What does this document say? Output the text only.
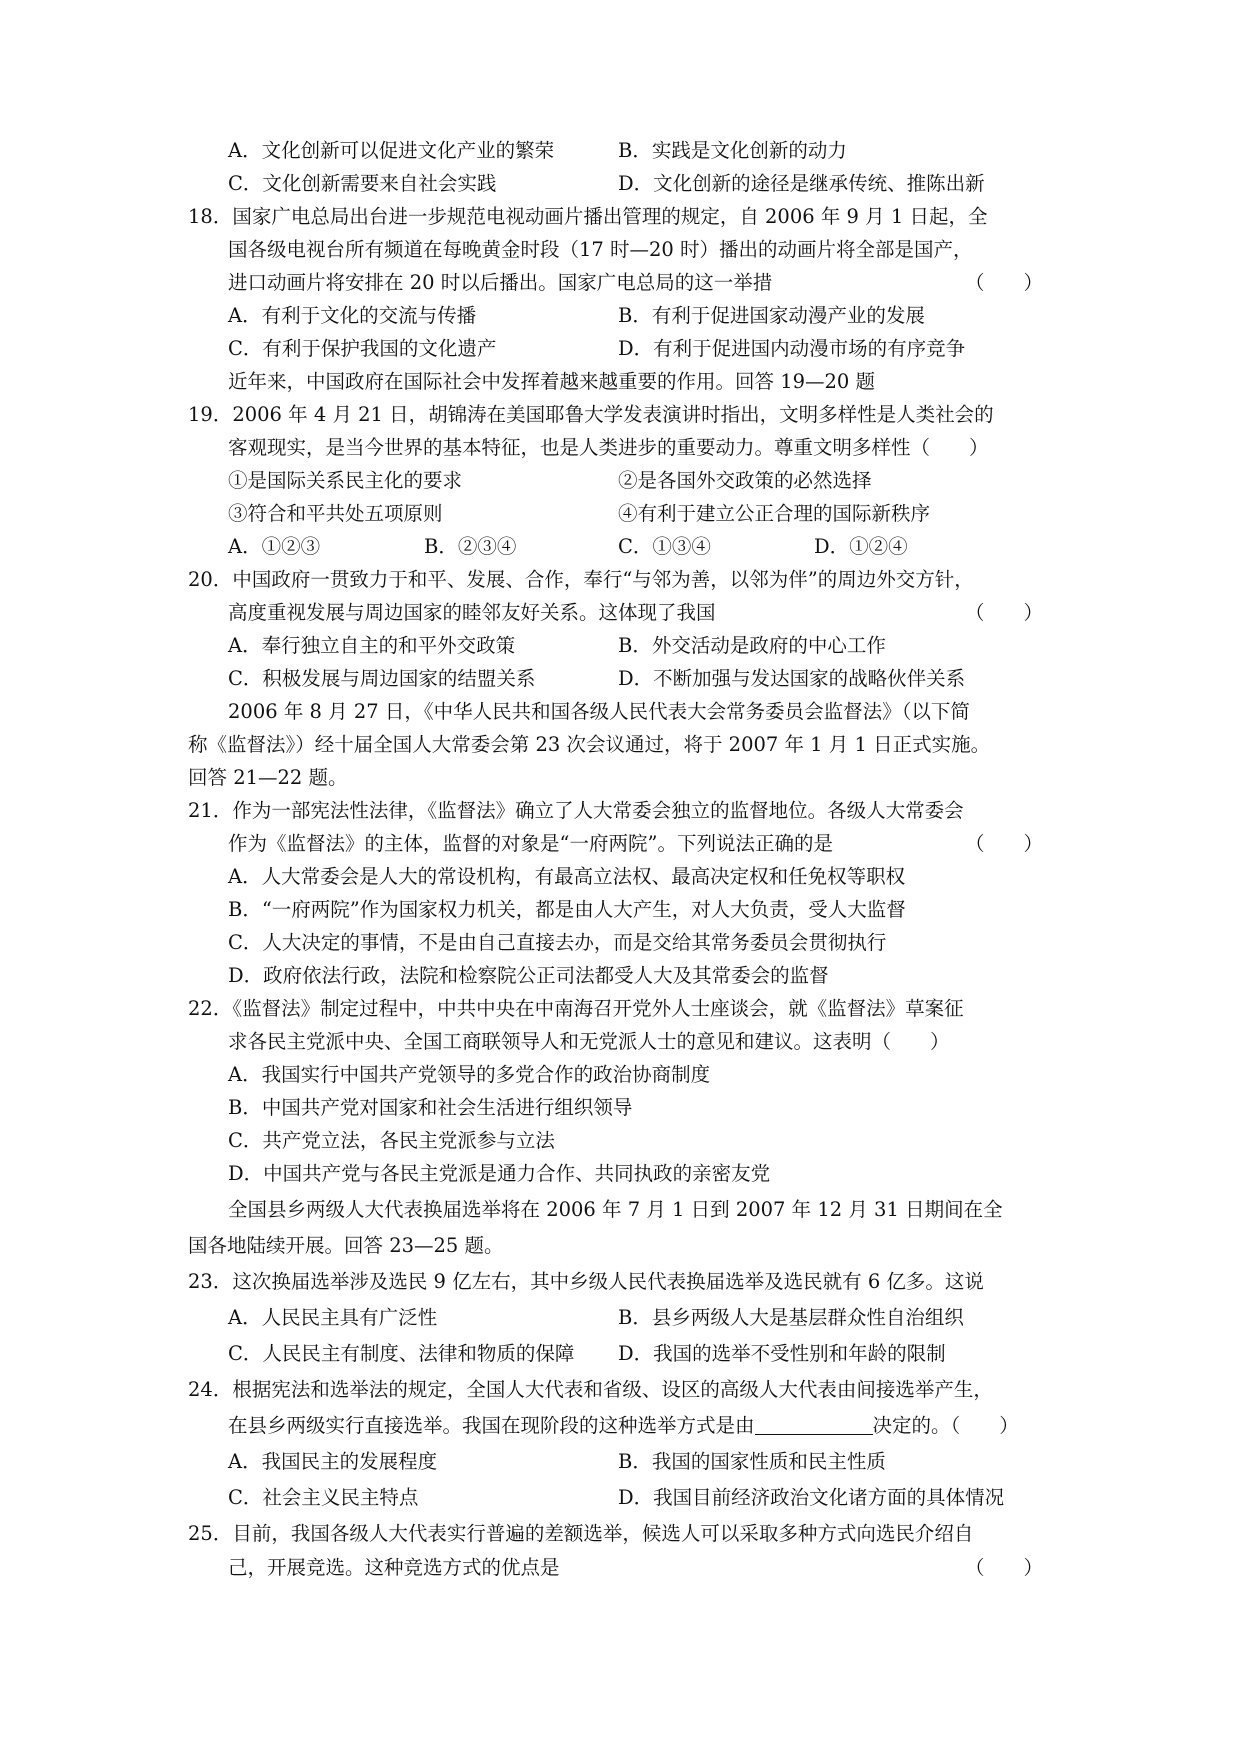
A．文化创新可以促进文化产业的繁荣	B．实践是文化创新的动力
C．文化创新需要来自社会实践	D．文化创新的途径是继承传统、推陈出新
18．国家广电总局出台进一步规范电视动画片播出管理的规定，自 2006 年 9 月 1 日起，全
国各级电视台所有频道在每晚黄金时段（17 时—20 时）播出的动画片将全部是国产，
进口动画片将安排在 20 时以后播出。国家广电总局的这一举措	（　　）
A．有利于文化的交流与传播	B．有利于促进国家动漫产业的发展
C．有利于保护我国的文化遗产	D．有利于促进国内动漫市场的有序竞争
近年来，中国政府在国际社会中发挥着越来越重要的作用。回答 19—20 题
19．2006 年 4 月 21 日，胡锦涛在美国耶鲁大学发表演讲时指出，文明多样性是人类社会的
客观现实，是当今世界的基本特征，也是人类进步的重要动力。尊重文明多样性（　　）
①是国际关系民主化的要求	②是各国外交政策的必然选择
③符合和平共处五项原则	④有利于建立公正合理的国际新秩序
A．①②③	B．②③④	C．①③④	D．①②④
20．中国政府一贯致力于和平、发展、合作，奉行“与邻为善，以邻为伴”的周边外交方针，
高度重视发展与周边国家的睦邻友好关系。这体现了我国	（　　）
A．奉行独立自主的和平外交政策	B．外交活动是政府的中心工作
C．积极发展与周边国家的结盟关系	D．不断加强与发达国家的战略伙伴关系
2006 年 8 月 27 日，《中华人民共和国各级人民代表大会常务委员会监督法》（以下简
称《监督法》）经十届全国人大常委会第 23 次会议通过，将于 2007 年 1 月 1 日正式实施。
回答 21—22 题。
21．作为一部宪法性法律，《监督法》确立了人大常委会独立的监督地位。各级人大常委会
作为《监督法》的主体，监督的对象是“一府两院”。下列说法正确的是	（　　）
A．人大常委会是人大的常设机构，有最高立法权、最高决定权和任免权等职权
B．“一府两院”作为国家权力机关，都是由人大产生，对人大负责，受人大监督
C．人大决定的事情，不是由自己直接去办，而是交给其常务委员会贯彻执行
D．政府依法行政，法院和检察院公正司法都受人大及其常委会的监督
22．《监督法》制定过程中，中共中央在中南海召开党外人士座谈会，就《监督法》草案征
求各民主党派中央、全国工商联领导人和无党派人士的意见和建议。这表明（　　）
A．我国实行中国共产党领导的多党合作的政治协商制度
B．中国共产党对国家和社会生活进行组织领导
C．共产党立法，各民主党派参与立法
D．中国共产党与各民主党派是通力合作、共同执政的亲密友党
全国县乡两级人大代表换届选举将在 2006 年 7 月 1 日到 2007 年 12 月 31 日期间在全
国各地陆续开展。回答 23—25 题。
23．这次换届选举涉及选民 9 亿左右，其中乡级人民代表换届选举及选民就有 6 亿多。这说
A．人民民主具有广泛性	B．县乡两级人大是基层群众性自治组织
C．人民民主有制度、法律和物质的保障 D．我国的选举不受性别和年龄的限制
24．根据宪法和选举法的规定，全国人大代表和省级、设区的高级人大代表由间接选举产生，
在县乡两级实行直接选举。我国在现阶段的这种选举方式是由	决定的。（　　）
A．我国民主的发展程度	B．我国的国家性质和民主性质
C．社会主义民主特点	D．我国目前经济政治文化诸方面的具体情况
25．目前，我国各级人大代表实行普遍的差额选举，候选人可以采取多种方式向选民介绍自
己，开展竞选。这种竞选方式的优点是	（　　）
